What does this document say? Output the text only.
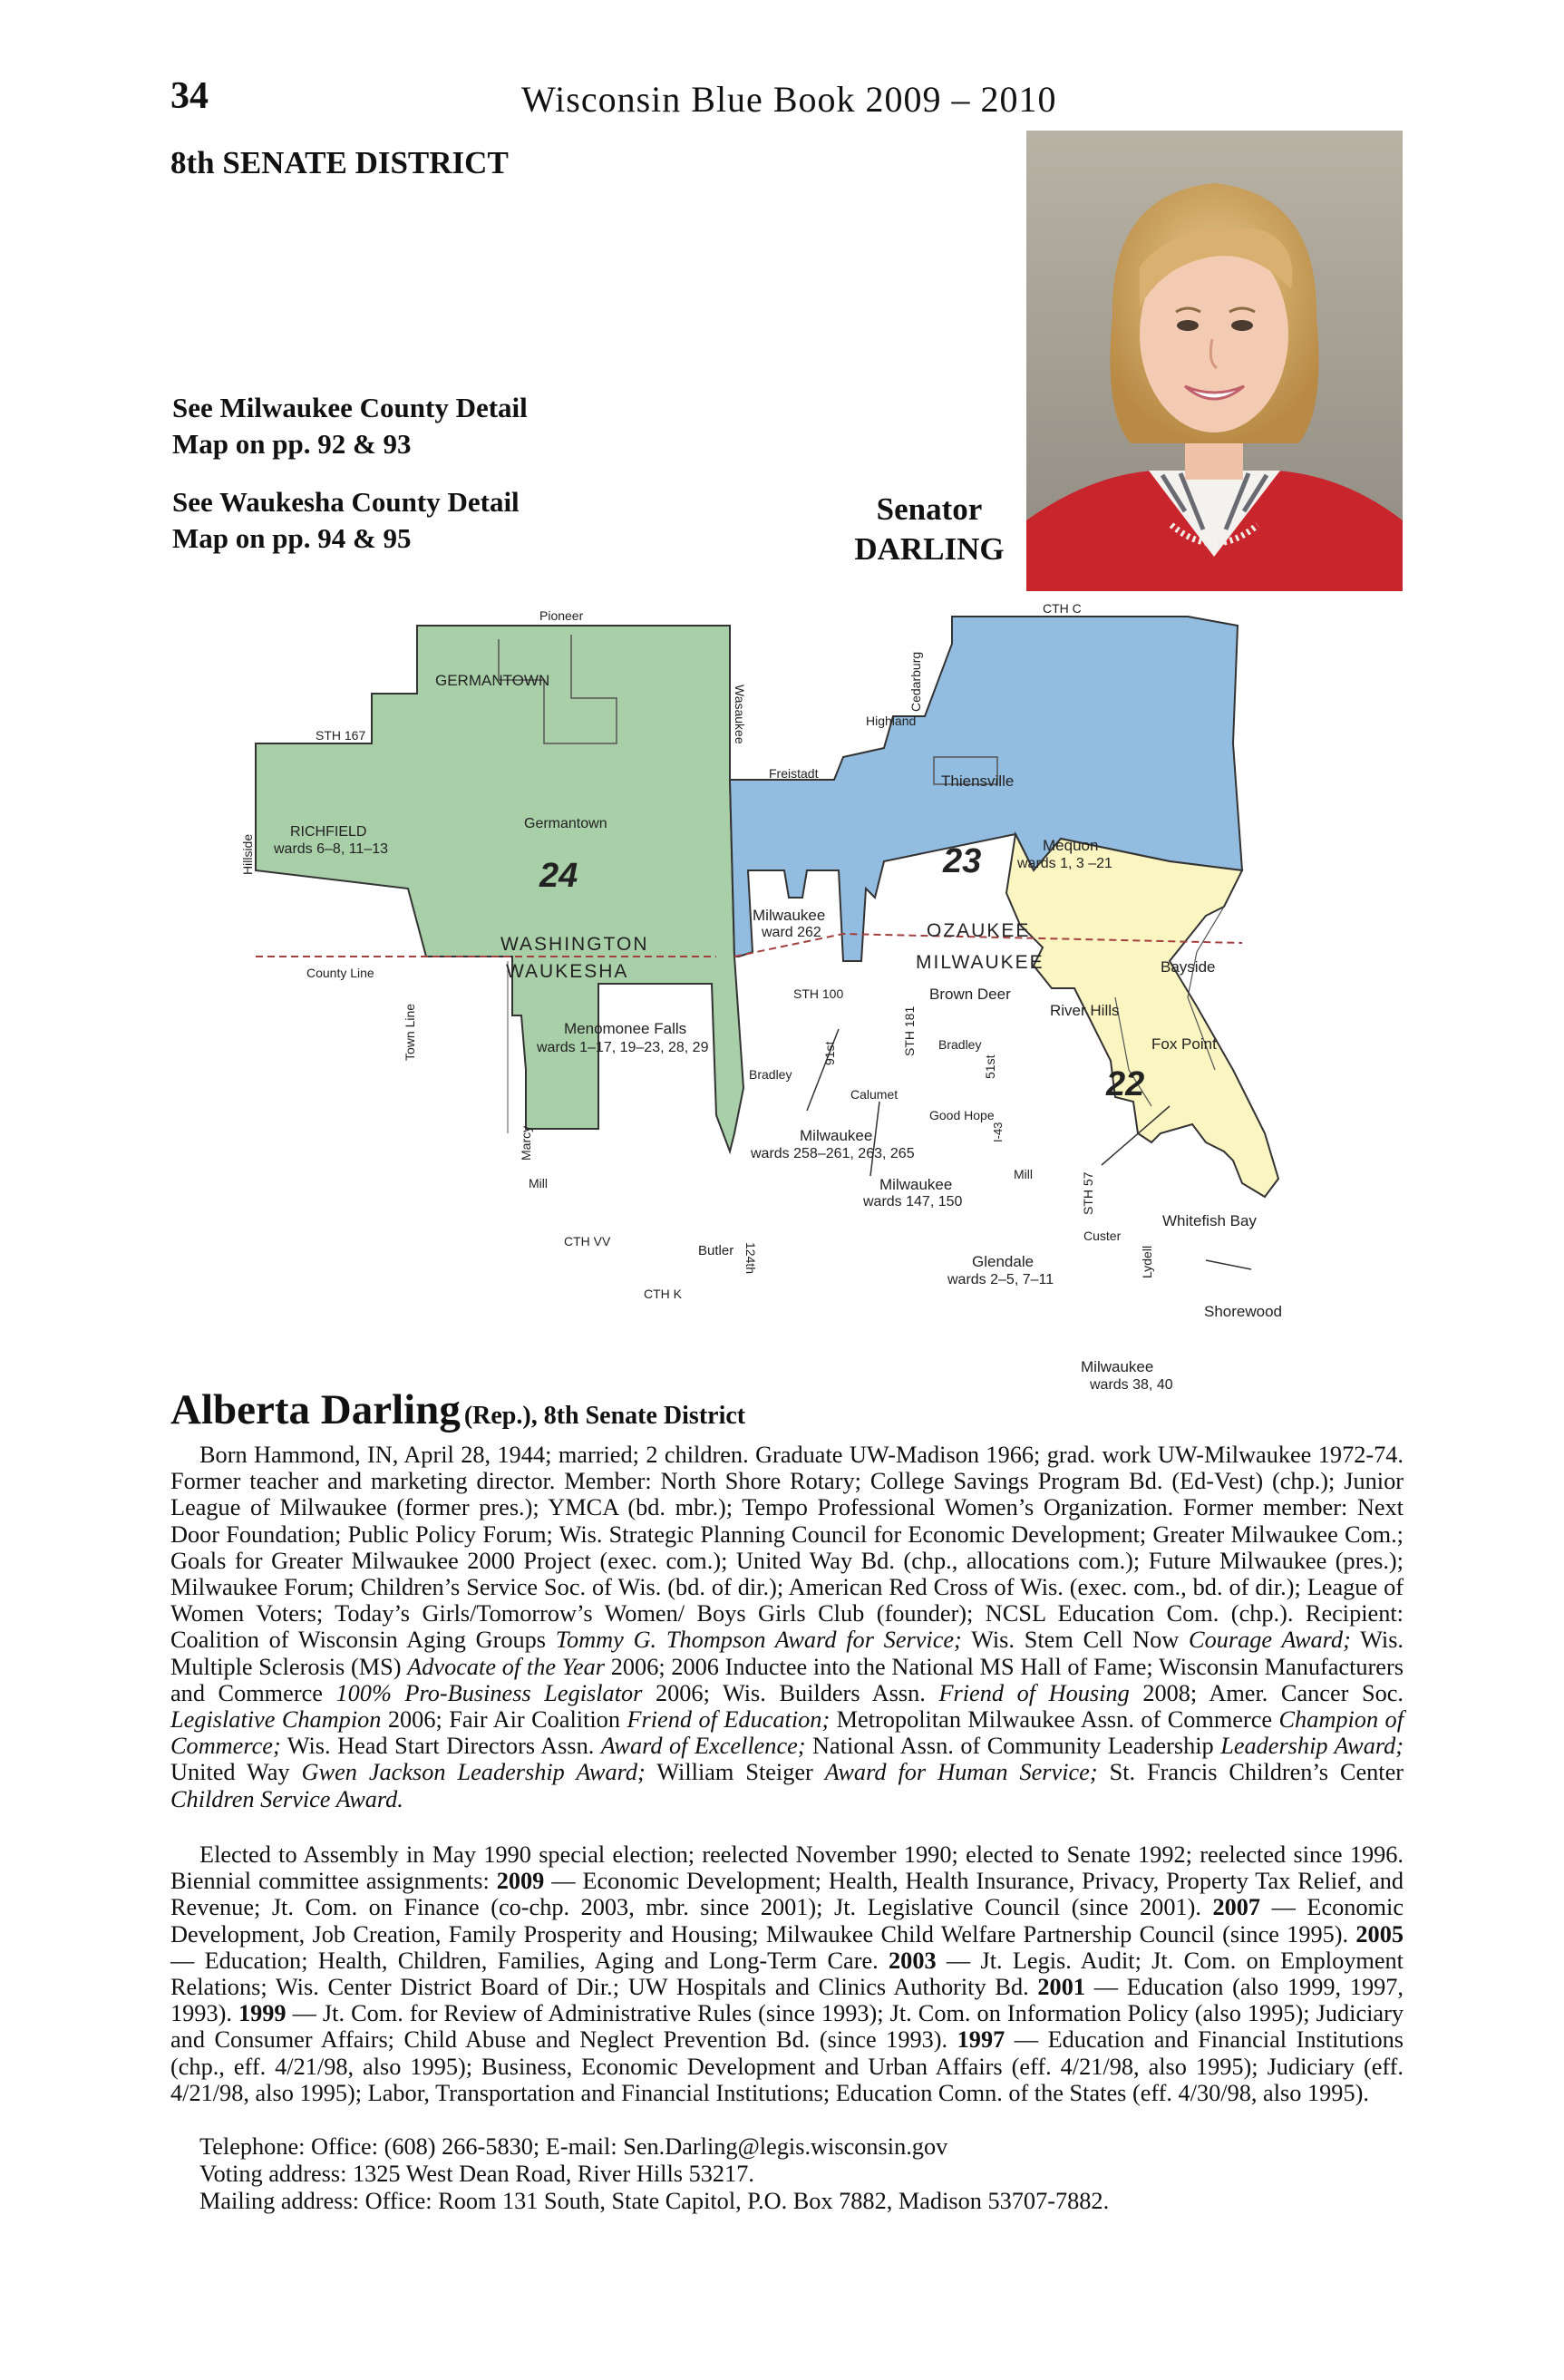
34	Wisconsin Blue Book 2009 – 2010
8th SENATE DISTRICT
See Milwaukee County Detail
Map on pp. 92 & 93
See Waukesha County Detail
Map on pp. 94 & 95
Senator
DARLING
24	23
22
WASHINGTON
WAUKESHA
OZAUKEE
MILWAUKEE
GERMANTOWN
Germantown
RICHFIELD
wards 6–8, 11–13
Menomonee Falls
wards 1–17, 19–23, 28, 29
Thiensville
Mequon
wards 1, 3 –21
Milwaukee
ward 262
Brown Deer
River Hills
Bayside
Fox Point
Milwaukee
wards 258–261, 263, 265
Milwaukee
wards 147, 150
Glendale
wards 2–5, 7–11
Whitefish Bay
Shorewood
Milwaukee
wards 38, 40
Pioneer	CTH C
STH 167	Wasaukee
Cedarburg
Highland
Freistadt
Hillside
County Line
Town Line
STH 100
91st	STH 181
Bradley
Bradley
51st
Calumet
Good Hope
I-43
Marcy
Mill
Mill
CTH VV
Butler 124th
CTH K
STH 57
Custer
Lydell
Alberta Darling (Rep.), 8th Senate District
Born Hammond, IN, April 28, 1944; married; 2 children. Graduate UW-Madison 1966; grad. work UW-Milwaukee 1972-74. Former teacher and marketing director. Member: North Shore Rotary; College Savings Program Bd. (Ed-Vest) (chp.); Junior League of Milwaukee (former pres.); YMCA (bd. mbr.); Tempo Professional Women’s Organization. Former member: Next Door Foundation; Public Policy Forum; Wis. Strategic Planning Council for Economic Development; Greater Milwaukee Com.; Goals for Greater Milwaukee 2000 Project (exec. com.); United Way Bd. (chp., allocations com.); Future Milwaukee (pres.); Milwaukee Forum; Children’s Service Soc. of Wis. (bd. of dir.); American Red Cross of Wis. (exec. com., bd. of dir.); League of Women Voters; Today’s Girls/Tomorrow’s Women/ Boys Girls Club (founder); NCSL Education Com. (chp.). Recipient: Coalition of Wisconsin Aging Groups Tommy G. Thompson Award for Service; Wis. Stem Cell Now Courage Award; Wis. Multiple Sclerosis (MS) Advocate of the Year 2006; 2006 Inductee into the National MS Hall of Fame; Wisconsin Manufacturers and Commerce 100% Pro-Business Legislator 2006; Wis. Builders Assn. Friend of Housing 2008; Amer. Cancer Soc. Legislative Champion 2006; Fair Air Coalition Friend of Education; Metropolitan Milwaukee Assn. of Commerce Champion of Commerce; Wis. Head Start Directors Assn. Award of Excellence; National Assn. of Community Leadership Leadership Award; United Way Gwen Jackson Leadership Award; William Steiger Award for Human Service; St. Francis Children’s Center Children Service Award.
Elected to Assembly in May 1990 special election; reelected November 1990; elected to Senate 1992; reelected since 1996. Biennial committee assignments: 2009 — Economic Development; Health, Health Insurance, Privacy, Property Tax Relief, and Revenue; Jt. Com. on Finance (co-chp. 2003, mbr. since 2001); Jt. Legislative Council (since 2001). 2007 — Economic Development, Job Creation, Family Prosperity and Housing; Milwaukee Child Welfare Partnership Council (since 1995). 2005 — Education; Health, Children, Families, Aging and Long-Term Care. 2003 — Jt. Legis. Audit; Jt. Com. on Employment Relations; Wis. Center District Board of Dir.; UW Hospitals and Clinics Authority Bd. 2001 — Education (also 1999, 1997, 1993). 1999 — Jt. Com. for Review of Administrative Rules (since 1993); Jt. Com. on Information Policy (also 1995); Judiciary and Consumer Affairs; Child Abuse and Neglect Prevention Bd. (since 1993). 1997 — Education and Financial Institutions (chp., eff. 4/21/98, also 1995); Business, Economic Development and Urban Affairs (eff. 4/21/98, also 1995); Judiciary (eff. 4/21/98, also 1995); Labor, Transportation and Financial Institutions; Education Comn. of the States (eff. 4/30/98, also 1995).
Telephone: Office: (608) 266-5830; E-mail: Sen.Darling@legis.wisconsin.gov
Voting address: 1325 West Dean Road, River Hills 53217.
Mailing address: Office: Room 131 South, State Capitol, P.O. Box 7882, Madison 53707-7882.
